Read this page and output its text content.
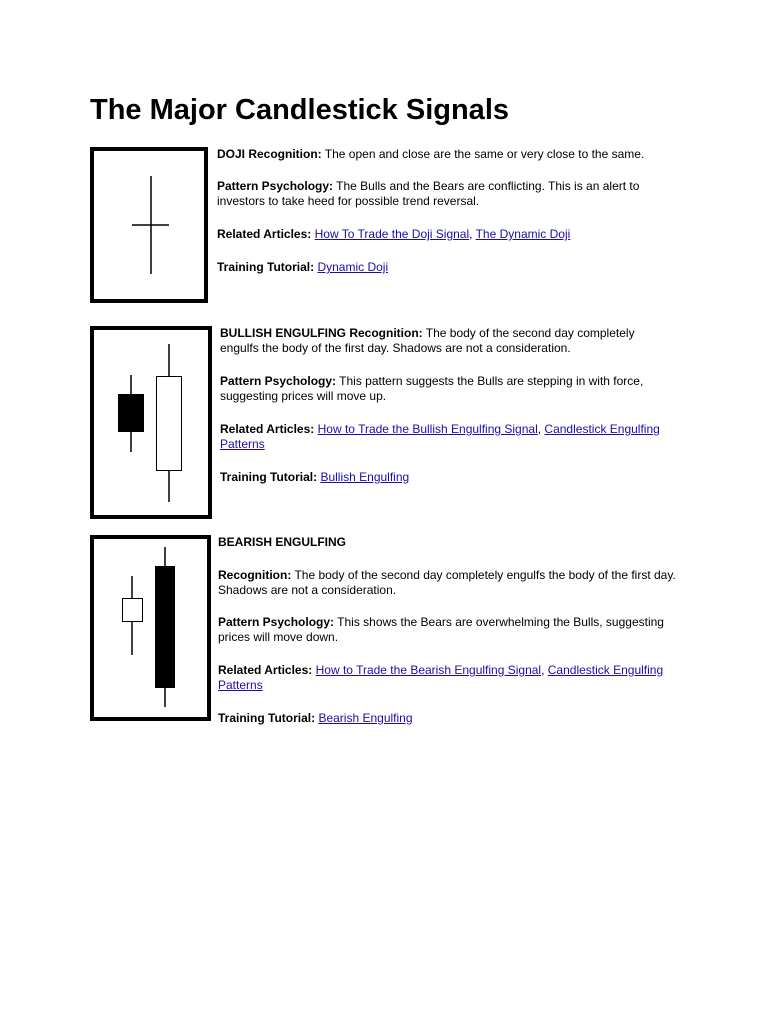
The Major Candlestick Signals

DOJI Recognition: The open and close are the same or very close to the same.

Pattern Psychology: The Bulls and the Bears are conflicting. This is an alert to investors to take heed for possible trend reversal.

Related Articles: How To Trade the Doji Signal, The Dynamic Doji

Training Tutorial: Dynamic Doji

BULLISH ENGULFING Recognition: The body of the second day completely engulfs the body of the first day. Shadows are not a consideration.

Pattern Psychology: This pattern suggests the Bulls are stepping in with force, suggesting prices will move up.

Related Articles: How to Trade the Bullish Engulfing Signal, Candlestick Engulfing Patterns

Training Tutorial: Bullish Engulfing

BEARISH ENGULFING

Recognition: The body of the second day completely engulfs the body of the first day. Shadows are not a consideration.

Pattern Psychology: This shows the Bears are overwhelming the Bulls, suggesting prices will move down.

Related Articles: How to Trade the Bearish Engulfing Signal, Candlestick Engulfing Patterns

Training Tutorial: Bearish Engulfing
